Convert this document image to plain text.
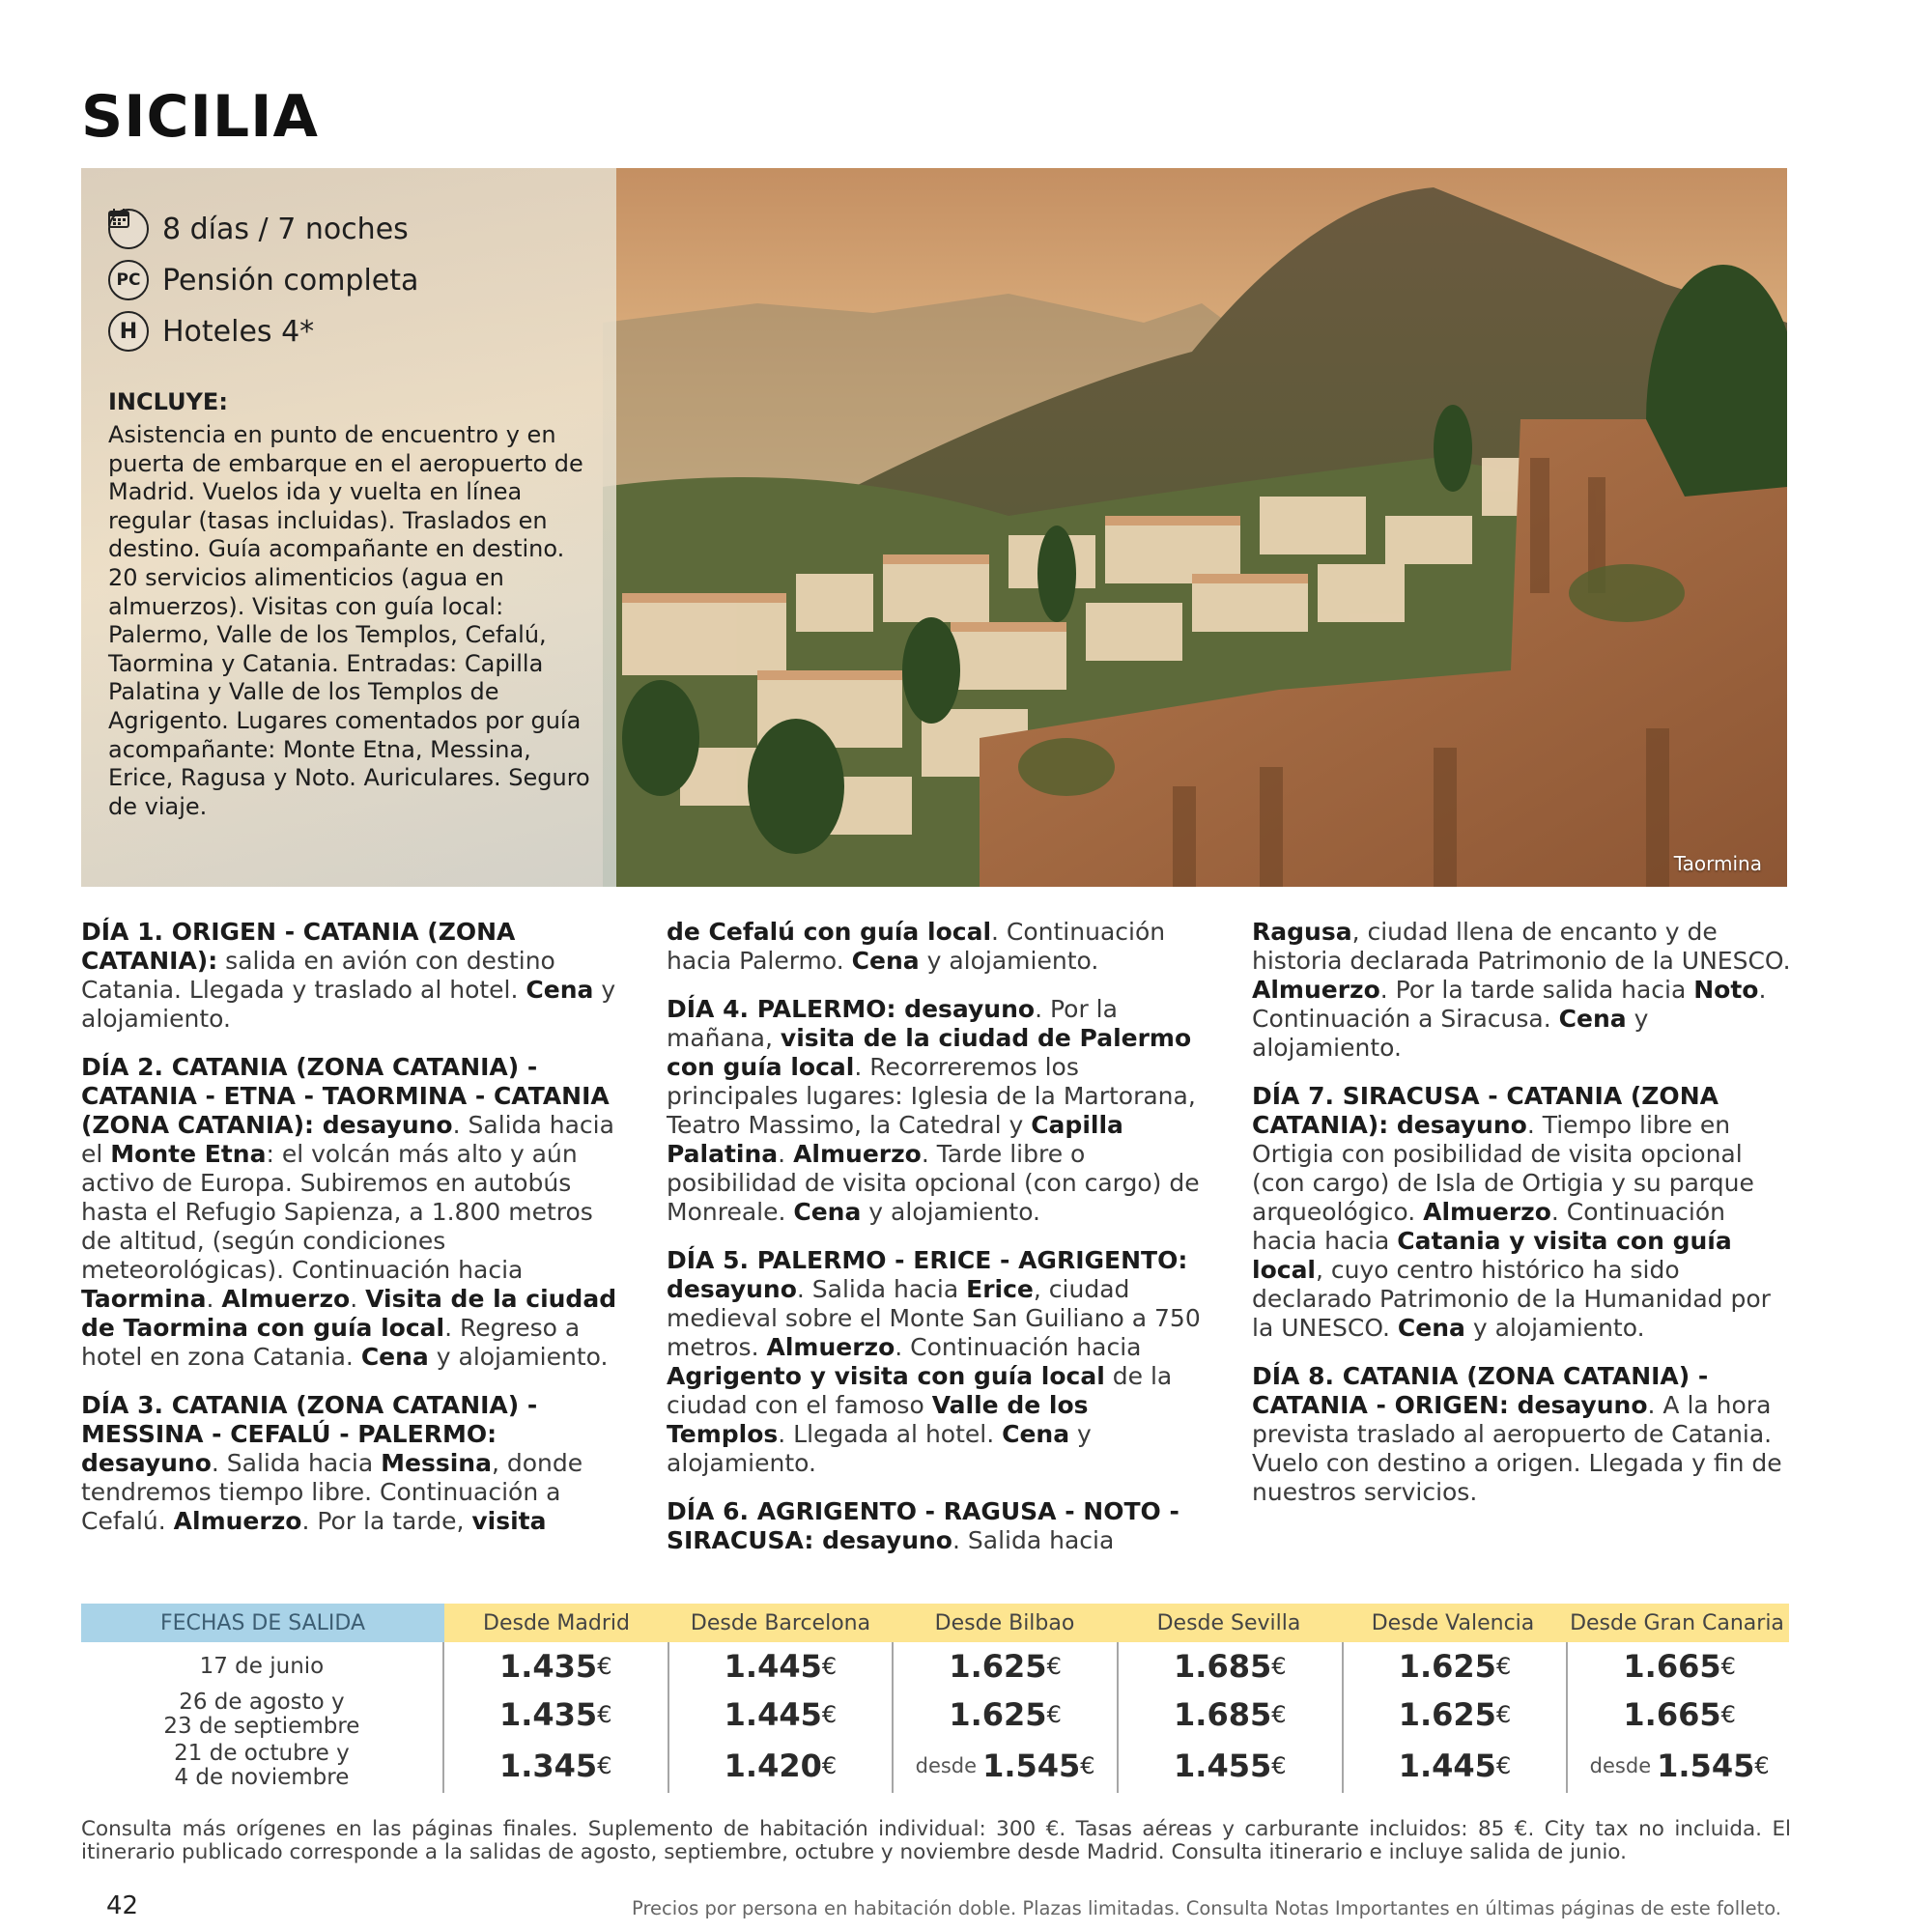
SICILIA
8 días / 7 noches
PC Pensión completa
H Hoteles 4*
INCLUYE:
Asistencia en punto de encuentro y en puerta de embarque en el aeropuerto de Madrid. Vuelos ida y vuelta en línea regular (tasas incluidas). Traslados en destino. Guía acompañante en destino. 20 servicios alimenticios (agua en almuerzos). Visitas con guía local: Palermo, Valle de los Templos, Cefalú, Taormina y Catania. Entradas: Capilla Palatina y Valle de los Templos de Agrigento. Lugares comentados por guía acompañante: Monte Etna, Messina, Erice, Ragusa y Noto. Auriculares. Seguro de viaje.
Taormina

DÍA 1. ORIGEN - CATANIA (ZONA CATANIA): salida en avión con destino Catania. Llegada y traslado al hotel. Cena y alojamiento.

DÍA 2. CATANIA (ZONA CATANIA) - CATANIA - ETNA - TAORMINA - CATANIA (ZONA CATANIA): desayuno. Salida hacia el Monte Etna: el volcán más alto y aún activo de Europa. Subiremos en autobús hasta el Refugio Sapienza, a 1.800 metros de altitud, (según condiciones meteorológicas). Continuación hacia Taormina. Almuerzo. Visita de la ciudad de Taormina con guía local. Regreso a hotel en zona Catania. Cena y alojamiento.

DÍA 3. CATANIA (ZONA CATANIA) - MESSINA - CEFALÚ - PALERMO: desayuno. Salida hacia Messina, donde tendremos tiempo libre. Continuación a Cefalú. Almuerzo. Por la tarde, visita

de Cefalú con guía local. Continuación hacia Palermo. Cena y alojamiento.

DÍA 4. PALERMO: desayuno. Por la mañana, visita de la ciudad de Palermo con guía local. Recorreremos los principales lugares: Iglesia de la Martorana, Teatro Massimo, la Catedral y Capilla Palatina. Almuerzo. Tarde libre o posibilidad de visita opcional (con cargo) de Monreale. Cena y alojamiento.

DÍA 5. PALERMO - ERICE - AGRIGENTO: desayuno. Salida hacia Erice, ciudad medieval sobre el Monte San Guiliano a 750 metros. Almuerzo. Continuación hacia Agrigento y visita con guía local de la ciudad con el famoso Valle de los Templos. Llegada al hotel. Cena y alojamiento.

DÍA 6. AGRIGENTO - RAGUSA - NOTO - SIRACUSA: desayuno. Salida hacia

Ragusa, ciudad llena de encanto y de historia declarada Patrimonio de la UNESCO. Almuerzo. Por la tarde salida hacia Noto. Continuación a Siracusa. Cena y alojamiento.

DÍA 7. SIRACUSA - CATANIA (ZONA CATANIA): desayuno. Tiempo libre en Ortigia con posibilidad de visita opcional (con cargo) de Isla de Ortigia y su parque arqueológico. Almuerzo. Continuación hacia hacia Catania y visita con guía local, cuyo centro histórico ha sido declarado Patrimonio de la Humanidad por la UNESCO. Cena y alojamiento.

DÍA 8. CATANIA (ZONA CATANIA) - CATANIA - ORIGEN: desayuno. A la hora prevista traslado al aeropuerto de Catania. Vuelo con destino a origen. Llegada y fin de nuestros servicios.

FECHAS DE SALIDA	Desde Madrid	Desde Barcelona	Desde Bilbao	Desde Sevilla	Desde Valencia	Desde Gran Canaria
17 de junio	1.435 €	1.445 €	1.625 €	1.685 €	1.625 €	1.665 €
26 de agosto y
23 de septiembre	1.435 €	1.445 €	1.625 €	1.685 €	1.625 €	1.665 €
21 de octubre y
4 de noviembre	1.345 €	1.420 €	desde 1.545 €	1.455 €	1.445 €	desde 1.545 €
Consulta más orígenes en las páginas finales. Suplemento de habitación individual: 300 €. Tasas aéreas y carburante incluidos: 85 €. City tax no incluida. El itinerario publicado corresponde a la salidas de agosto, septiembre, octubre y noviembre desde Madrid. Consulta itinerario e incluye salida de junio.
42	Precios por persona en habitación doble. Plazas limitadas. Consulta Notas Importantes en últimas páginas de este folleto.
